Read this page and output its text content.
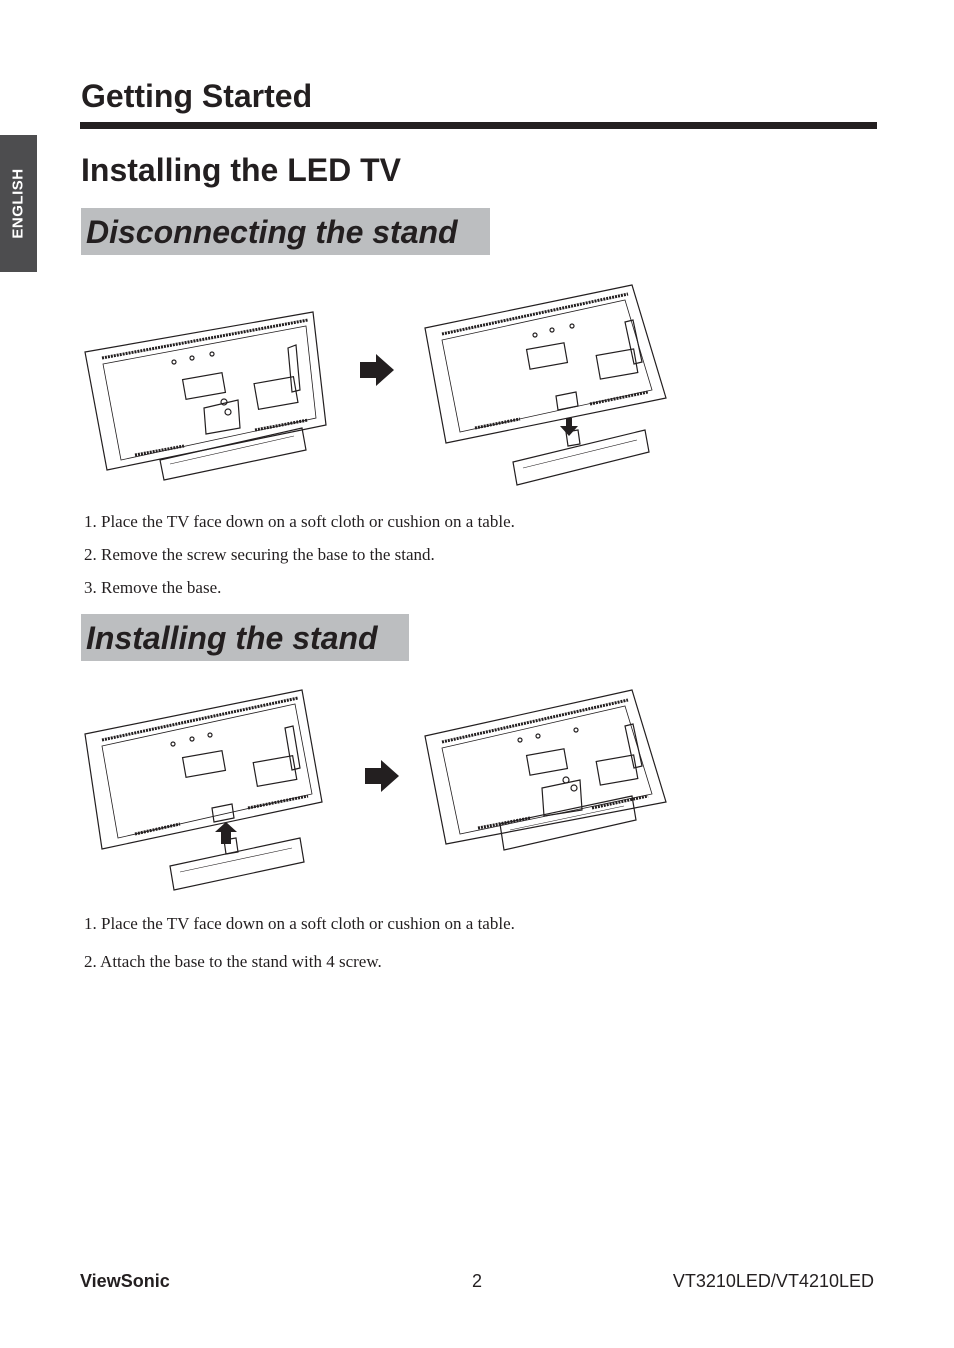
ENGLISH
Getting Started
Installing the LED TV
Disconnecting the stand
1. Place the TV face down on a soft cloth or cushion on a table.
2. Remove the screw securing the base to the stand.
3. Remove the base.
Installing the stand
1. Place the TV face down on a soft cloth or cushion on a table.
2. Attach the base to the stand with 4 screw.
ViewSonic	2	VT3210LED/VT4210LED
